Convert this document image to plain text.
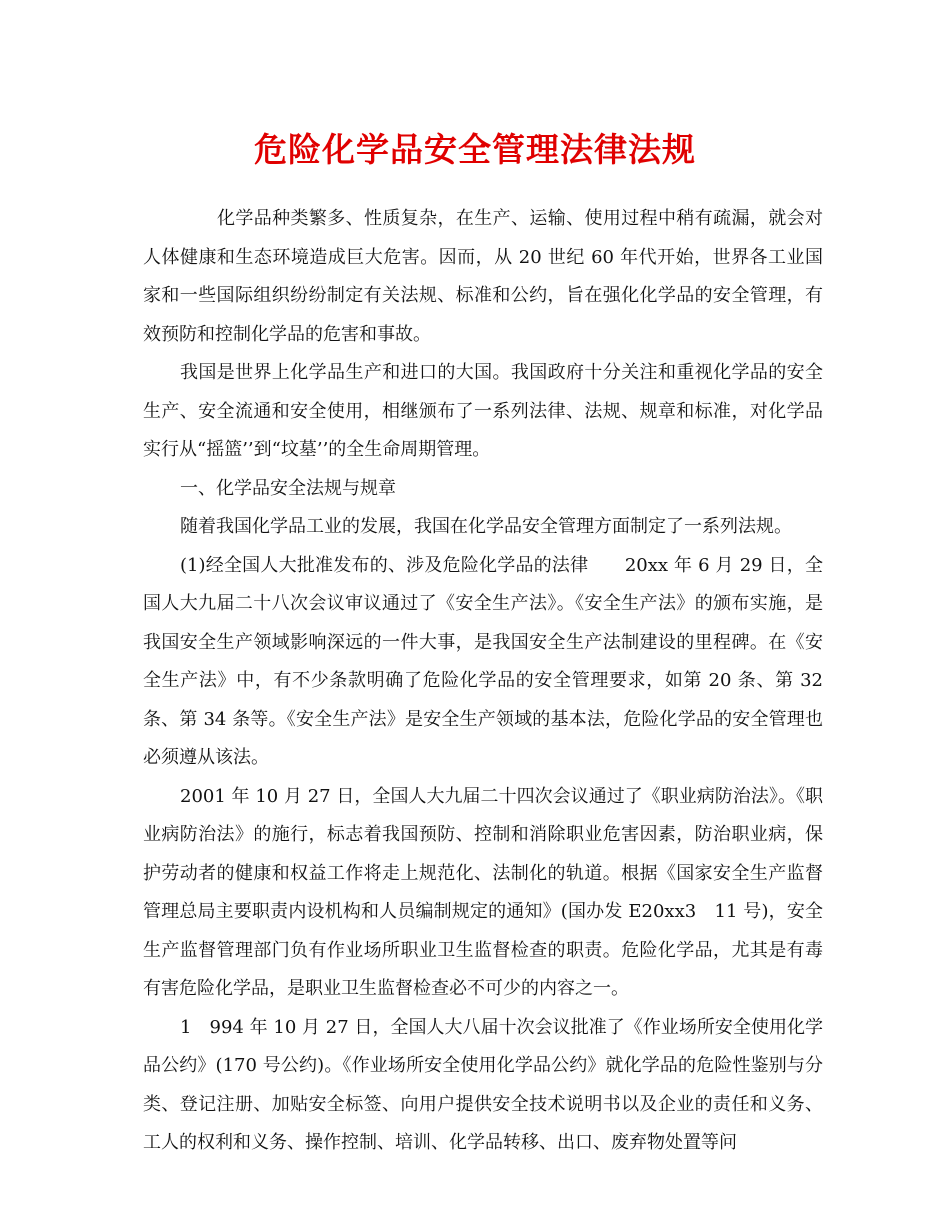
危险化学品安全管理法律法规

化学品种类繁多、性质复杂，在生产、运输、使用过程中稍有疏漏，就会对人体健康和生态环境造成巨大危害。因而，从 20 世纪 60 年代开始，世界各工业国家和一些国际组织纷纷制定有关法规、标准和公约，旨在强化化学品的安全管理，有效预防和控制化学品的危害和事故。

我国是世界上化学品生产和进口的大国。我国政府十分关注和重视化学品的安全生产、安全流通和安全使用，相继颁布了一系列法律、法规、规章和标准，对化学品实行从“摇篮’’到“坟墓’’的全生命周期管理。

一、化学品安全法规与规章

随着我国化学品工业的发展，我国在化学品安全管理方面制定了一系列法规。

(1)经全国人大批准发布的、涉及危险化学品的法律　　20xx 年 6 月 29 日，全国人大九届二十八次会议审议通过了《安全生产法》。《安全生产法》的颁布实施，是我国安全生产领域影响深远的一件大事，是我国安全生产法制建设的里程碑。在《安全生产法》中，有不少条款明确了危险化学品的安全管理要求，如第 20 条、第 32 条、第 34 条等。《安全生产法》是安全生产领域的基本法，危险化学品的安全管理也必须遵从该法。

2001 年 10 月 27 日，全国人大九届二十四次会议通过了《职业病防治法》。《职业病防治法》的施行，标志着我国预防、控制和消除职业危害因素，防治职业病，保护劳动者的健康和权益工作将走上规范化、法制化的轨道。根据《国家安全生产监督管理总局主要职责内设机构和人员编制规定的通知》(国办发 E20xx3　11 号)，安全生产监督管理部门负有作业场所职业卫生监督检查的职责。危险化学品，尤其是有毒有害危险化学品，是职业卫生监督检查必不可少的内容之一。

1　994 年 10 月 27 日，全国人大八届十次会议批准了《作业场所安全使用化学品公约》(170 号公约)。《作业场所安全使用化学品公约》就化学品的危险性鉴别与分类、登记注册、加贴安全标签、向用户提供安全技术说明书以及企业的责任和义务、工人的权利和义务、操作控制、培训、化学品转移、出口、废弃物处置等问
